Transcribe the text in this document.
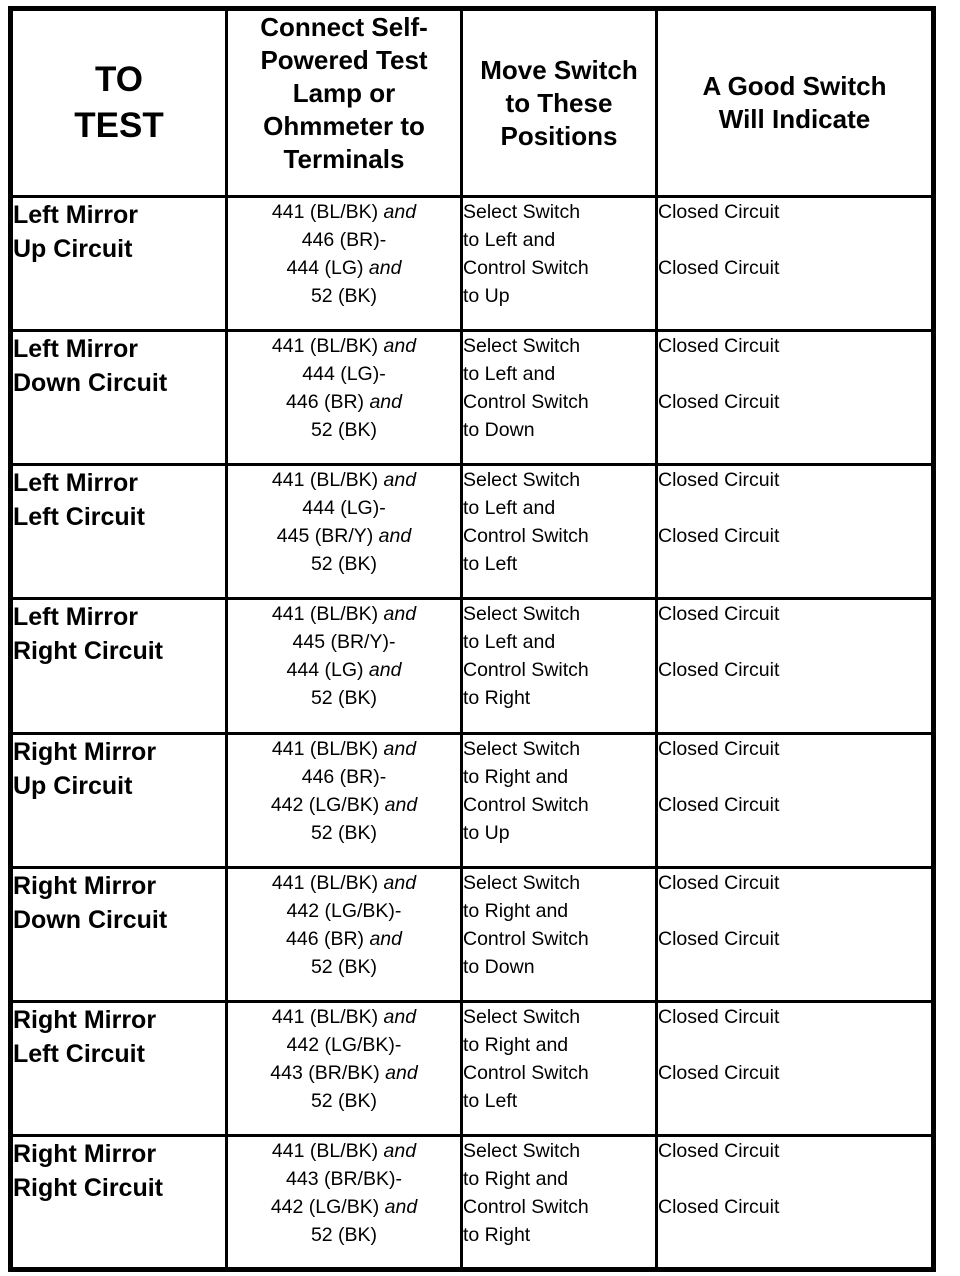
TO
TEST	Connect Self-
Powered Test
Lamp or
Ohmmeter to
Terminals	Move Switch
to These
Positions	A Good Switch
Will Indicate

Left Mirror
Up Circuit	441 (BL/BK) and
446 (BR)-
444 (LG) and
52 (BK)	Select Switch
to Left and
Control Switch
to Up	Closed Circuit
Closed Circuit

Left Mirror
Down Circuit	441 (BL/BK) and
444 (LG)-
446 (BR) and
52 (BK)	Select Switch
to Left and
Control Switch
to Down	Closed Circuit
Closed Circuit

Left Mirror
Left Circuit	441 (BL/BK) and
444 (LG)-
445 (BR/Y) and
52 (BK)	Select Switch
to Left and
Control Switch
to Left	Closed Circuit
Closed Circuit

Left Mirror
Right Circuit	441 (BL/BK) and
445 (BR/Y)-
444 (LG) and
52 (BK)	Select Switch
to Left and
Control Switch
to Right	Closed Circuit
Closed Circuit

Right Mirror
Up Circuit	441 (BL/BK) and
446 (BR)-
442 (LG/BK) and
52 (BK)	Select Switch
to Right and
Control Switch
to Up	Closed Circuit
Closed Circuit

Right Mirror
Down Circuit	441 (BL/BK) and
442 (LG/BK)-
446 (BR) and
52 (BK)	Select Switch
to Right and
Control Switch
to Down	Closed Circuit
Closed Circuit

Right Mirror
Left Circuit	441 (BL/BK) and
442 (LG/BK)-
443 (BR/BK) and
52 (BK)	Select Switch
to Right and
Control Switch
to Left	Closed Circuit
Closed Circuit

Right Mirror
Right Circuit	441 (BL/BK) and
443 (BR/BK)-
442 (LG/BK) and
52 (BK)	Select Switch
to Right and
Control Switch
to Right	Closed Circuit
Closed Circuit
